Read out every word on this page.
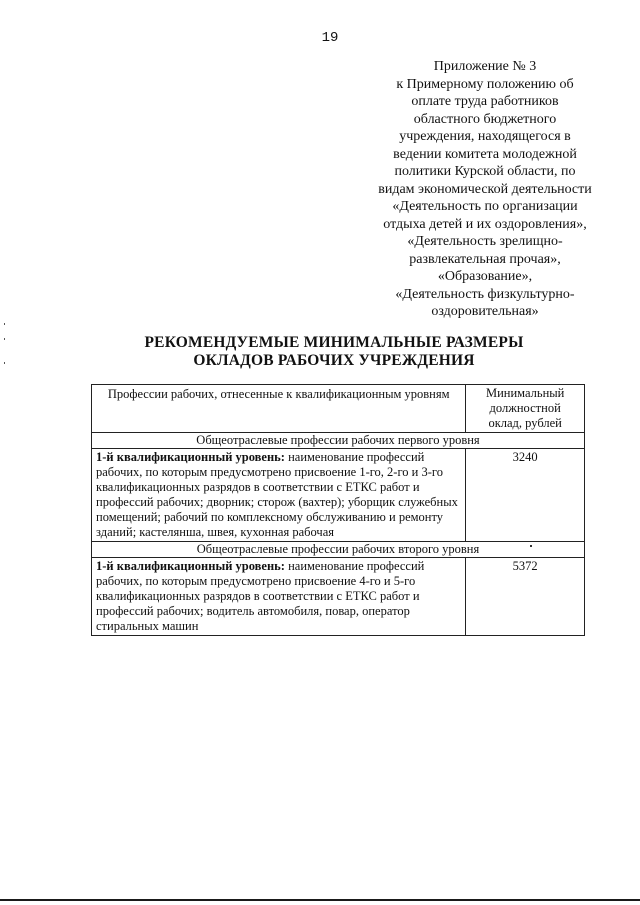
19
Приложение № 3
к Примерному положению об
оплате труда работников
областного бюджетного
учреждения, находящегося в
ведении комитета молодежной
политики Курской области, по
видам экономической деятельности
«Деятельность по организации
отдыха детей и их оздоровления»,
«Деятельность зрелищно-
развлекательная прочая»,
«Образование»,
«Деятельность физкультурно-
оздоровительная»
РЕКОМЕНДУЕМЫЕ МИНИМАЛЬНЫЕ РАЗМЕРЫ
ОКЛАДОВ РАБОЧИХ УЧРЕЖДЕНИЯ
Профессии рабочих, отнесенные к квалификационным уровням	Минимальный
должностной
оклад, рублей

Общеотраслевые профессии рабочих первого уровня	
1-й квалификационный уровень: наименование профессий рабочих, по которым предусмотрено присвоение 1-го, 2-го и 3-го квалификационных разрядов в соответствии с ЕТКС работ и профессий рабочих; дворник; сторож (вахтер); уборщик служебных помещений; рабочий по комплексному обслуживанию и ремонту зданий; кастелянша, швея, кухонная рабочая	3240
Общеотраслевые профессии рабочих второго уровня	
1-й квалификационный уровень: наименование профессий рабочих, по которым предусмотрено присвоение 4-го и 5-го квалификационных разрядов в соответствии с ЕТКС работ и профессий рабочих; водитель автомобиля, повар, оператор стиральных машин	5372
